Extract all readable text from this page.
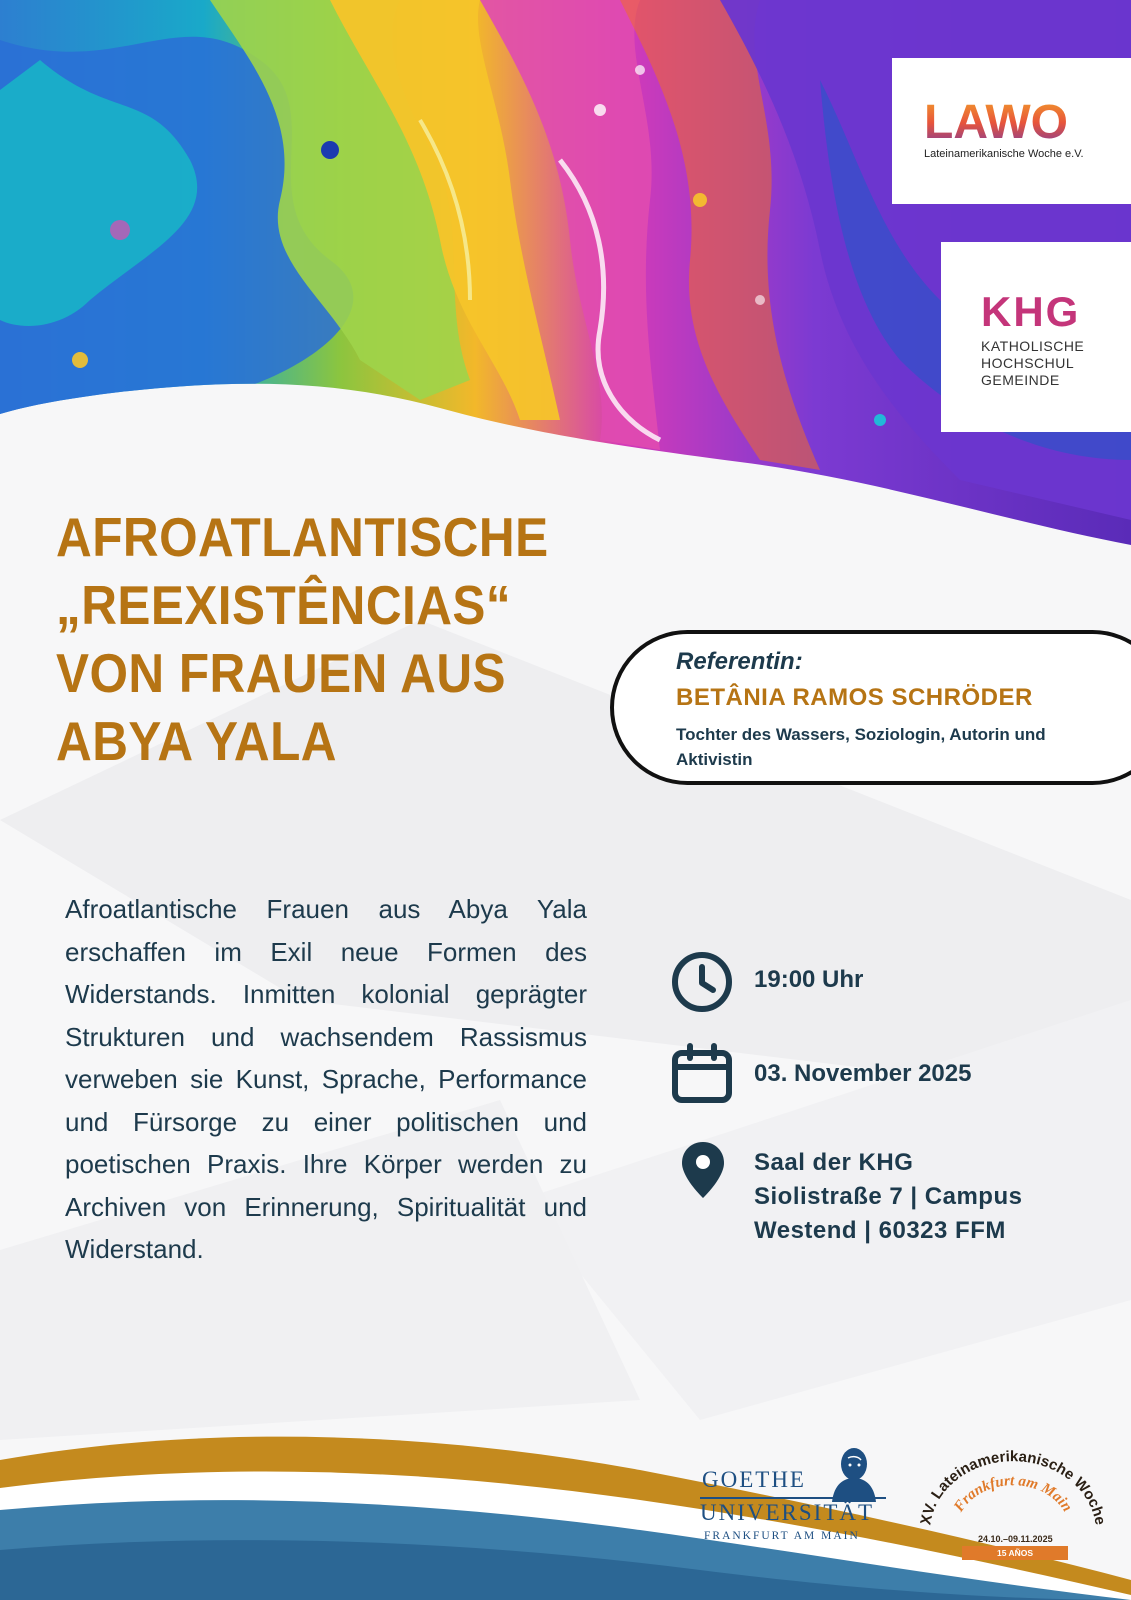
LAWO
Lateinamerikanische Woche e.V.
KHG
KATHOLISCHE
HOCHSCHUL
GEMEINDE
AFROATLANTISCHE
„REEXISTÊNCIAS“
VON FRAUEN AUS
ABYA YALA
Referentin:
BETÂNIA RAMOS SCHRÖDER
Tochter des Wassers, Soziologin, Autorin und Aktivistin

Afroatlantische Frauen aus Abya Yala erschaffen im Exil neue Formen des Widerstands. Inmitten kolonial geprägter Strukturen und wachsendem Rassismus verweben sie Kunst, Sprache, Performance und Fürsorge zu einer politischen und poetischen Praxis. Ihre Körper werden zu Archiven von Erinnerung, Spiritualität und Widerstand.

19:00 Uhr
03. November 2025
Saal der KHG
Siolistraße 7 | Campus
Westend | 60323 FFM
GOETHE
UNIVERSITÄT
FRANKFURT AM MAIN
XV. Lateinamerikanische Woche
Frankfurt am Main
24.10.–09.11.2025
15 AÑOS
